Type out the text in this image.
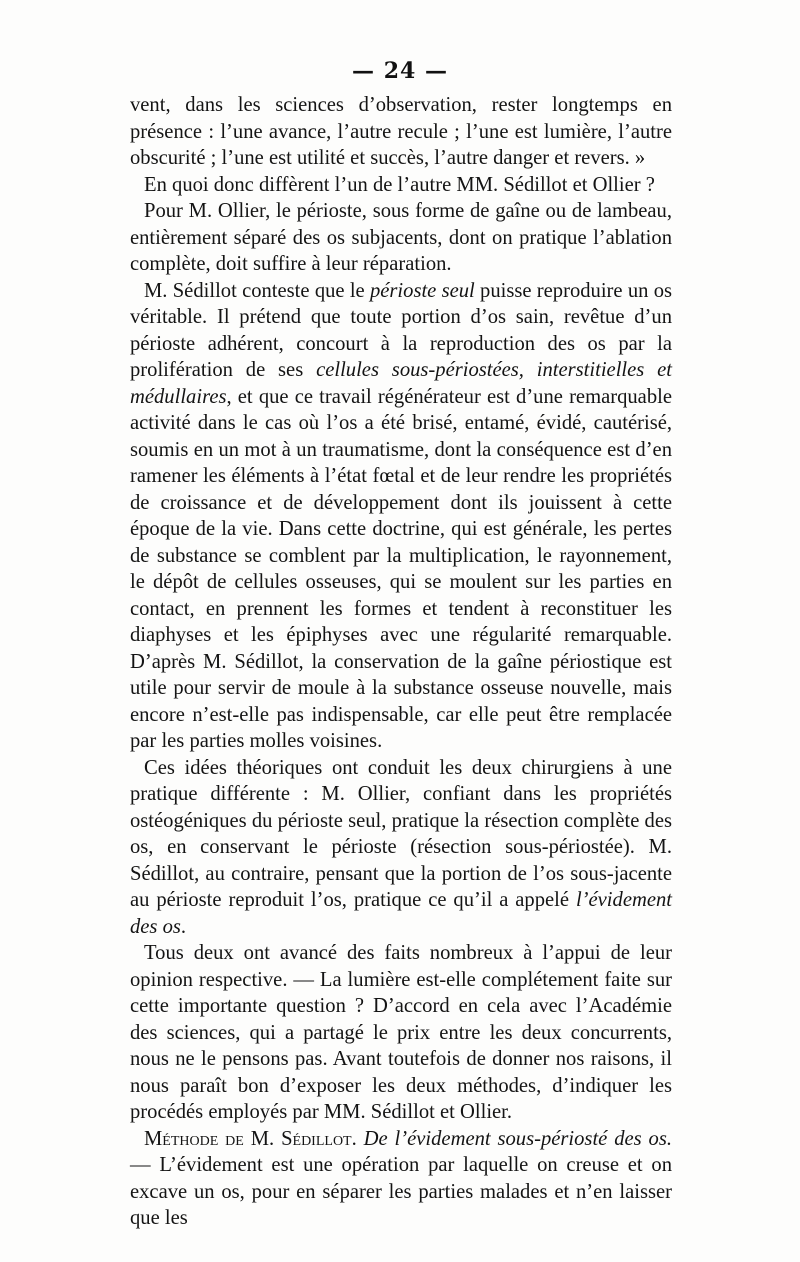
— 24 —

vent, dans les sciences d’observation, rester longtemps en présence : l’une avance, l’autre recule ; l’une est lumière, l’autre obscurité ; l’une est utilité et succès, l’autre danger et revers. »

En quoi donc diffèrent l’un de l’autre MM. Sédillot et Ollier ?

Pour M. Ollier, le périoste, sous forme de gaîne ou de lambeau, entièrement séparé des os subjacents, dont on pratique l’ablation complète, doit suffire à leur réparation.

M. Sédillot conteste que le périoste seul puisse reproduire un os véritable. Il prétend que toute portion d’os sain, revêtue d’un périoste adhérent, concourt à la reproduction des os par la prolifération de ses cellules sous-périostées, interstitielles et médullaires, et que ce travail régénérateur est d’une remarquable activité dans le cas où l’os a été brisé, entamé, évidé, cautérisé, soumis en un mot à un traumatisme, dont la conséquence est d’en ramener les éléments à l’état fœtal et de leur rendre les propriétés de croissance et de développement dont ils jouissent à cette époque de la vie. Dans cette doctrine, qui est générale, les pertes de substance se comblent par la multiplication, le rayonnement, le dépôt de cellules osseuses, qui se moulent sur les parties en contact, en prennent les formes et tendent à reconstituer les diaphyses et les épiphyses avec une régularité remarquable. D’après M. Sédillot, la conservation de la gaîne périostique est utile pour servir de moule à la substance osseuse nouvelle, mais encore n’est-elle pas indispensable, car elle peut être remplacée par les parties molles voisines.

Ces idées théoriques ont conduit les deux chirurgiens à une pratique différente : M. Ollier, confiant dans les propriétés ostéogéniques du périoste seul, pratique la résection complète des os, en conservant le périoste (résection sous-périostée). M. Sédillot, au contraire, pensant que la portion de l’os sous-jacente au périoste reproduit l’os, pratique ce qu’il a appelé l’évidement des os.

Tous deux ont avancé des faits nombreux à l’appui de leur opinion respective. — La lumière est-elle complétement faite sur cette importante question ? D’accord en cela avec l’Académie des sciences, qui a partagé le prix entre les deux concurrents, nous ne le pensons pas. Avant toutefois de donner nos raisons, il nous paraît bon d’exposer les deux méthodes, d’indiquer les procédés employés par MM. Sédillot et Ollier.

Méthode de M. Sédillot. De l’évidement sous-périosté des os. — L’évidement est une opération par laquelle on creuse et on excave un os, pour en séparer les parties malades et n’en laisser que les
